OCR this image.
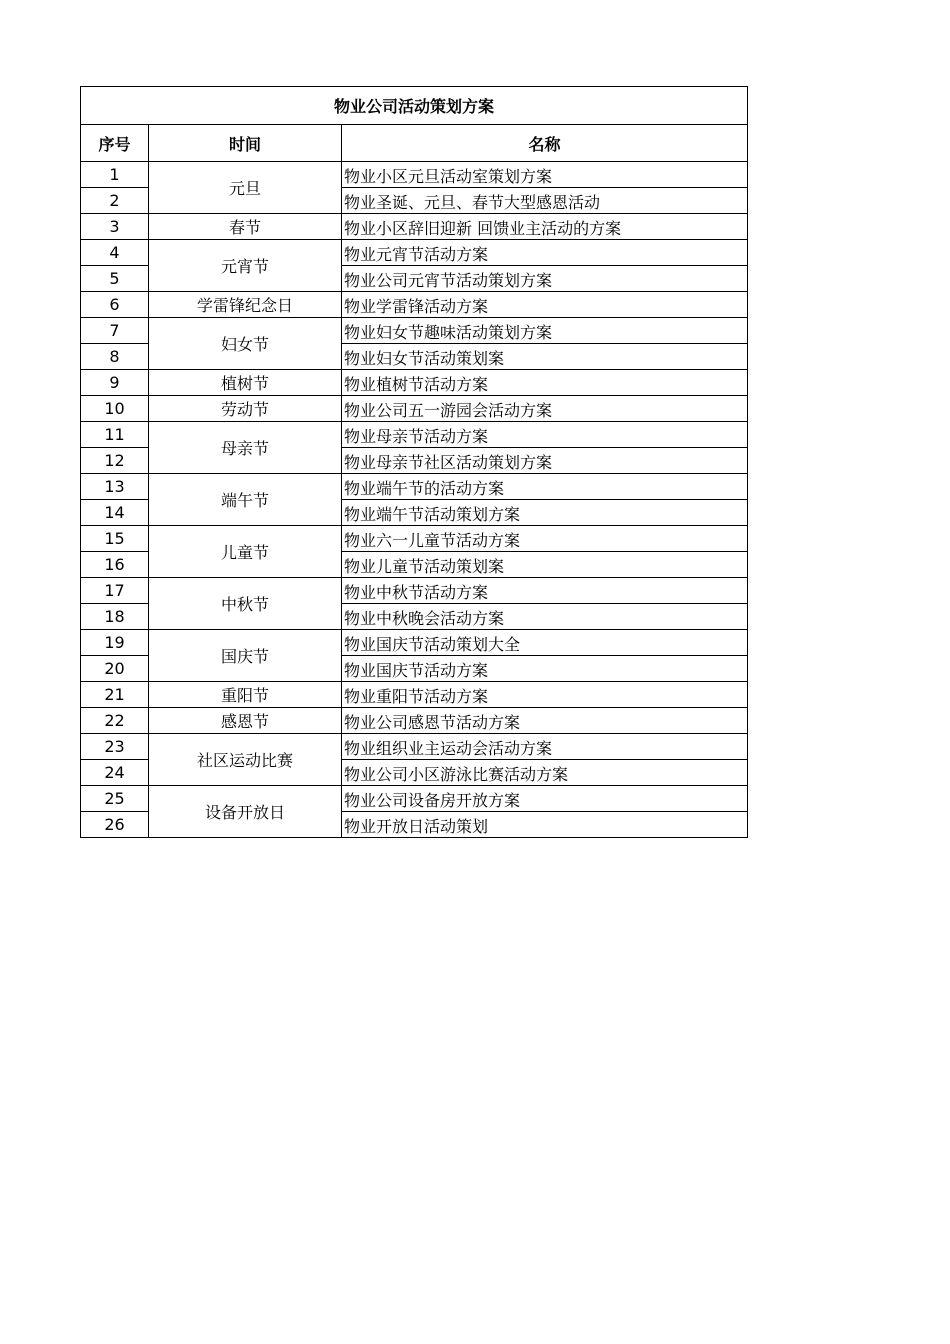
物业公司活动策划方案		
序号	时间	名称
1	元旦	物业小区元旦活动室策划方案
2		物业圣诞、元旦、春节大型感恩活动
3	春节	物业小区辞旧迎新 回馈业主活动的方案
4	元宵节	物业元宵节活动方案
5		物业公司元宵节活动策划方案
6	学雷锋纪念日	物业学雷锋活动方案
7	妇女节	物业妇女节趣味活动策划方案
8		物业妇女节活动策划案
9	植树节	物业植树节活动方案
10	劳动节	物业公司五一游园会活动方案
11	母亲节	物业母亲节活动方案
12		物业母亲节社区活动策划方案
13	端午节	物业端午节的活动方案
14		物业端午节活动策划方案
15	儿童节	物业六一儿童节活动方案
16		物业儿童节活动策划案
17	中秋节	物业中秋节活动方案
18		物业中秋晚会活动方案
19	国庆节	物业国庆节活动策划大全
20		物业国庆节活动方案
21	重阳节	物业重阳节活动方案
22	感恩节	物业公司感恩节活动方案
23	社区运动比赛	物业组织业主运动会活动方案
24		物业公司小区游泳比赛活动方案
25	设备开放日	物业公司设备房开放方案
26		物业开放日活动策划
